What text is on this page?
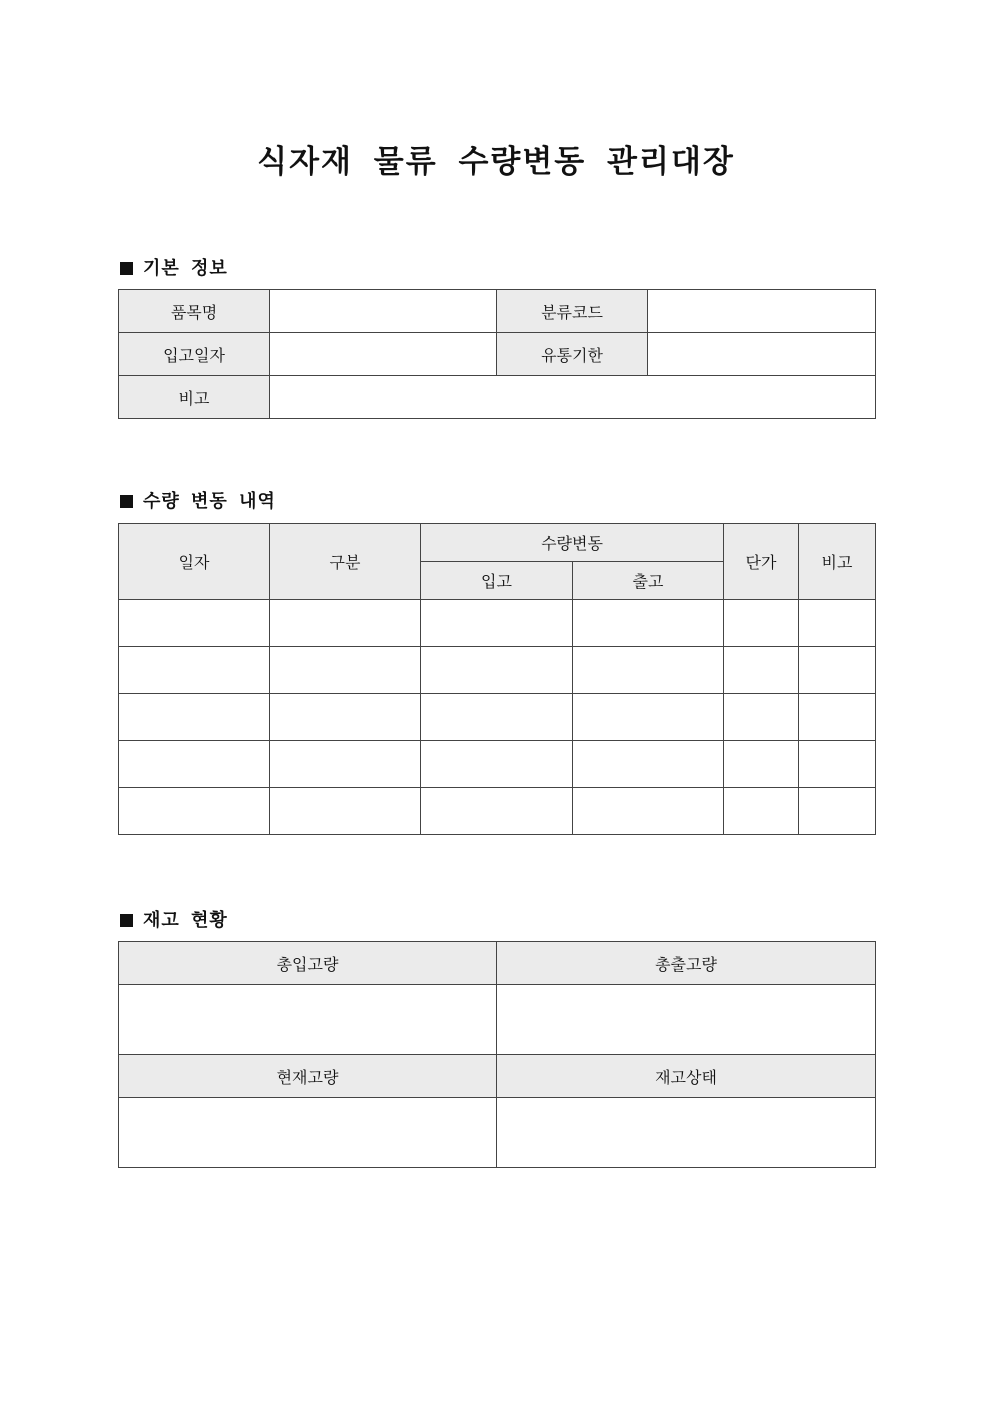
식자재 물류 수량변동 관리대장
기본 정보
품목명		분류코드	
입고일자		유통기한	
비고			
수량 변동 내역
일자	구분	수량변동		단가	비고
		입고	출고		

재고 현황
총입고량	총출고량

현재고량	재고상태
